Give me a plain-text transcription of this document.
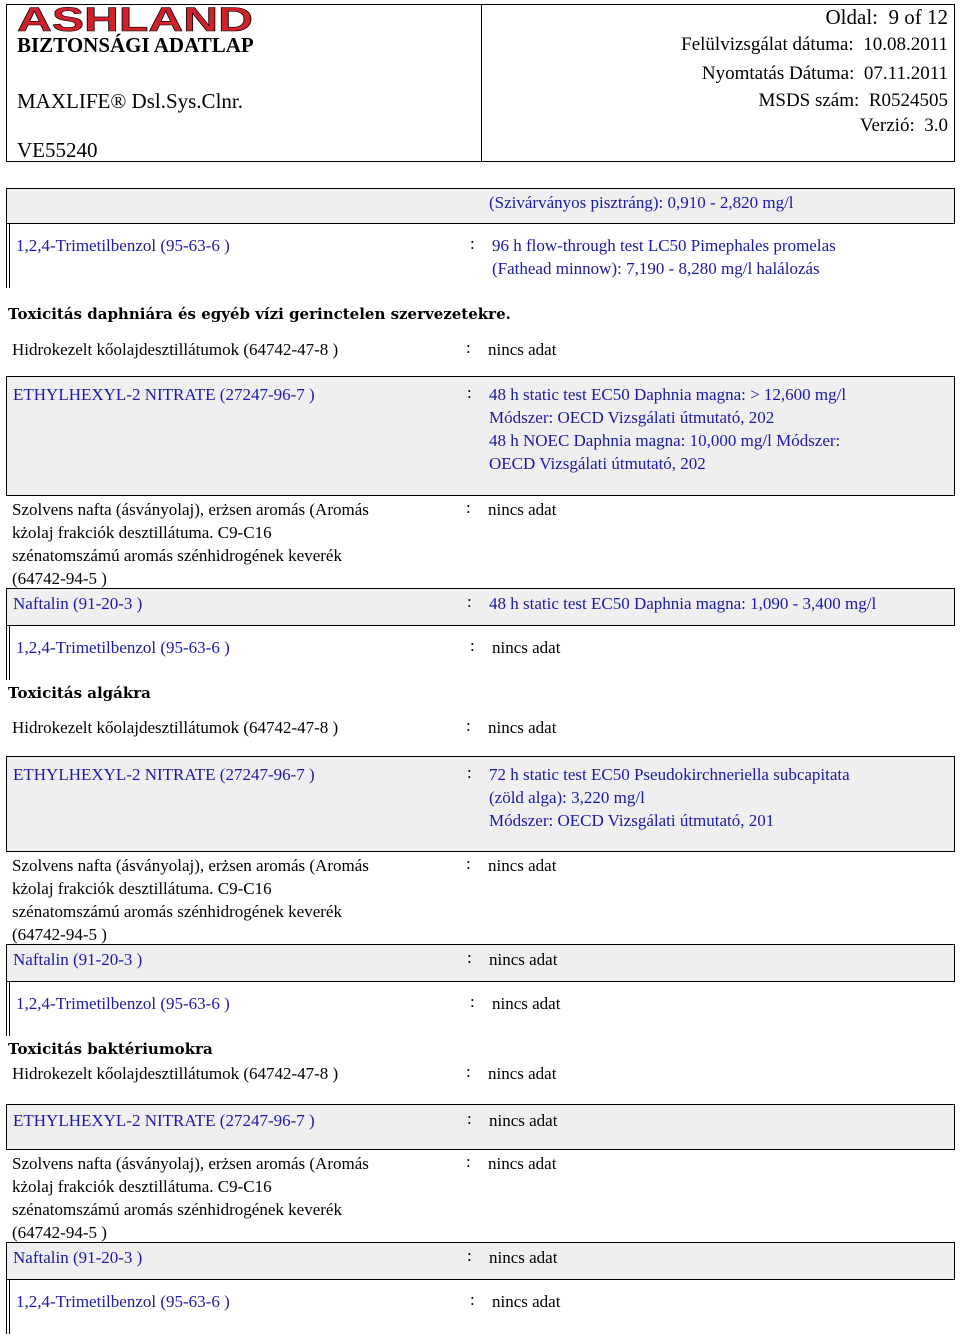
ASHLAND
BIZTONSÁGI ADATLAP
MAXLIFE® Dsl.Sys.Clnr.
VE55240
Oldal: 9 of 12
Felülvizsgálat dátuma: 10.08.2011
Nyomtatás Dátuma: 07.11.2011
MSDS szám: R0524505
Verzió: 3.0
(Szivárványos pisztráng): 0,910 - 2,820 mg/l
1,2,4-Trimetilbenzol (95-63-6 )	: 96 h flow-through test LC50 Pimephales promelas
(Fathead minnow): 7,190 - 8,280 mg/l halálozás
Toxicitás daphniára és egyéb vízi gerinctelen szervezetekre.
Hidrokezelt kőolajdesztillátumok (64742-47-8 )	: nincs adat
ETHYLHEXYL-2 NITRATE (27247-96-7 )	: 48 h static test EC50 Daphnia magna: > 12,600 mg/l
Módszer: OECD Vizsgálati útmutató, 202
48 h NOEC Daphnia magna: 10,000 mg/l Módszer:
OECD Vizsgálati útmutató, 202
Szolvens nafta (ásványolaj), erżsen aromás (Aromás
kżolaj frakciók desztillátuma. C9-C16
szénatomszámú aromás szénhidrogének keverék
(64742-94-5 )
: nincs adat
Naftalin (91-20-3 )	: 48 h static test EC50 Daphnia magna: 1,090 - 3,400 mg/l
1,2,4-Trimetilbenzol (95-63-6 )	: nincs adat
Toxicitás algákra
Hidrokezelt kőolajdesztillátumok (64742-47-8 )	: nincs adat
ETHYLHEXYL-2 NITRATE (27247-96-7 )	: 72 h static test EC50 Pseudokirchneriella subcapitata
(zöld alga): 3,220 mg/l
Módszer: OECD Vizsgálati útmutató, 201
Szolvens nafta (ásványolaj), erżsen aromás (Aromás
kżolaj frakciók desztillátuma. C9-C16
szénatomszámú aromás szénhidrogének keverék
(64742-94-5 )
: nincs adat
Naftalin (91-20-3 )	: nincs adat
1,2,4-Trimetilbenzol (95-63-6 )	: nincs adat
Toxicitás baktériumokra
Hidrokezelt kőolajdesztillátumok (64742-47-8 )	: nincs adat
ETHYLHEXYL-2 NITRATE (27247-96-7 )	: nincs adat
Szolvens nafta (ásványolaj), erżsen aromás (Aromás
kżolaj frakciók desztillátuma. C9-C16
szénatomszámú aromás szénhidrogének keverék
(64742-94-5 )
: nincs adat
Naftalin (91-20-3 )	: nincs adat
1,2,4-Trimetilbenzol (95-63-6 )	: nincs adat
